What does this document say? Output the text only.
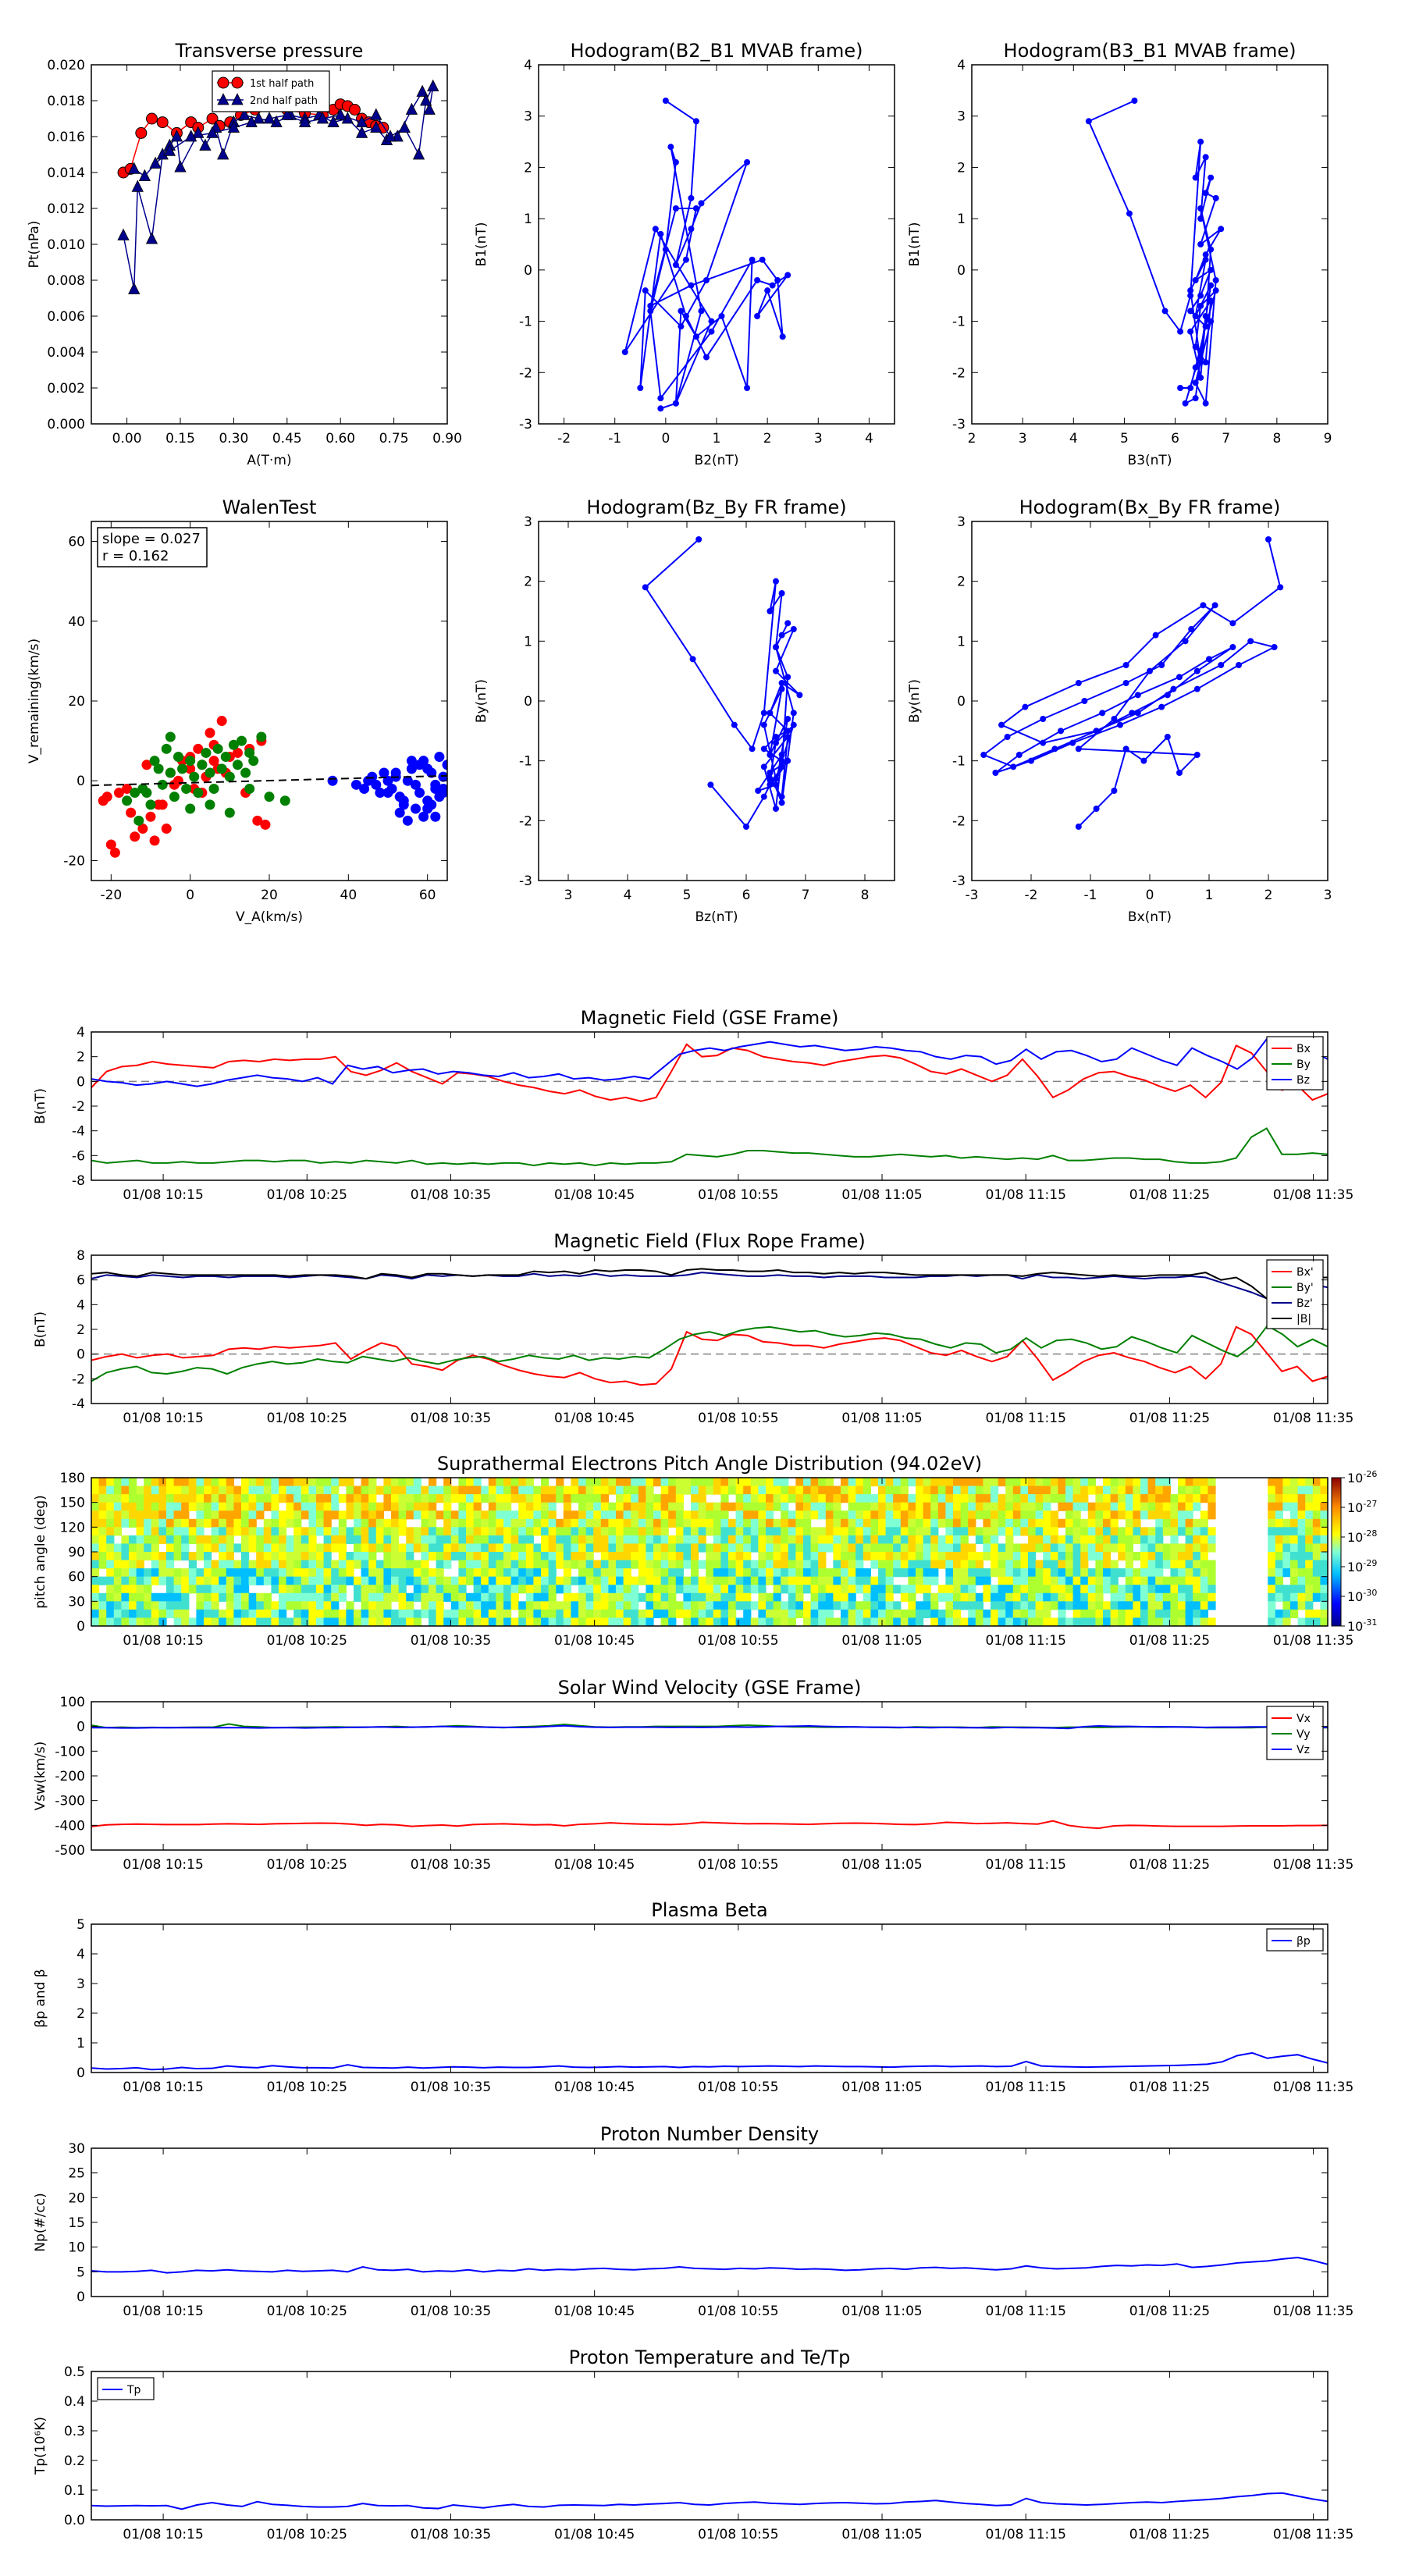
1st half path
2nd half path
0.00 0.15 0.30 0.45 0.60 0.75 0.90
0.000
0.002
0.004
0.006
0.008
0.010
0.012
0.014
0.016
0.018
0.020
Transverse pressure
A(T·m)
Pt(nPa)
-2	-1	0	1	2	3	4
-3
-2
-1
0
1
2
3
4
Hodogram(B2_B1 MVAB frame)
B2(nT)
B1(nT)
2	3	4	5	6	7	8	9
-3
-2
-1
0
1
2
3
4
Hodogram(B3_B1 MVAB frame)
B3(nT)
B1(nT)
slope = 0.027
r = 0.162
-20	0	20	40	60
-20
0
20
40
60
WalenTest
V_A(km/s)
V_remaining(km/s)
3	4	5	6	7	8
-3
-2
-1
0
1
2
3
Hodogram(Bz_By FR frame)
Bz(nT)
By(nT)
-3	-2	-1	0	1	2	3
-3
-2
-1
0
1
2
3
Hodogram(Bx_By FR frame)
Bx(nT)
By(nT)
Bx
By
Bz
01/08 10:15	01/08 10:25	01/08 10:35	01/08 10:45	01/08 10:55	01/08 11:05	01/08 11:15	01/08 11:25	01/08 11:35
-8
-6
-4
-2
0
2
4
Magnetic Field (GSE Frame)
B(nT)
Bx'
By'
Bz'
|B|
01/08 10:15	01/08 10:25	01/08 10:35	01/08 10:45	01/08 10:55	01/08 11:05	01/08 11:15	01/08 11:25	01/08 11:35
-4
-2
0
2
4
6
8
Magnetic Field (Flux Rope Frame)
B(nT)
$10^{-26}$
$10^{-27}$
$10^{-28}$
$10^{-29}$
$10^{-30}$
$10^{-31}$
01/08 10:15	01/08 10:25	01/08 10:35	01/08 10:45	01/08 10:55	01/08 11:05	01/08 11:15	01/08 11:25	01/08 11:35
0
30
60
90
120
150
180
Suprathermal Electrons Pitch Angle Distribution (94.02eV)
pitch angle (deg)
Vx
Vy
Vz
01/08 10:15	01/08 10:25	01/08 10:35	01/08 10:45	01/08 10:55	01/08 11:05	01/08 11:15	01/08 11:25	01/08 11:35
-500
-400
-300
-200
-100
0
100
Solar Wind Velocity (GSE Frame)
Vsw(km/s)
βp
01/08 10:15	01/08 10:25	01/08 10:35	01/08 10:45	01/08 10:55	01/08 11:05	01/08 11:15	01/08 11:25	01/08 11:35
0
1
2
3
4
5
Plasma Beta
βp and β
01/08 10:15	01/08 10:25	01/08 10:35	01/08 10:45	01/08 10:55	01/08 11:05	01/08 11:15	01/08 11:25	01/08 11:35
0
5
10
15
20
25
30
Proton Number Density
Np(#/cc)
Tp
01/08 10:15	01/08 10:25	01/08 10:35	01/08 10:45	01/08 10:55	01/08 11:05	01/08 11:15	01/08 11:25	01/08 11:35
0.0
0.1
0.2
0.3
0.4
0.5
Proton Temperature and Te/Tp
Tp(10⁶K)
